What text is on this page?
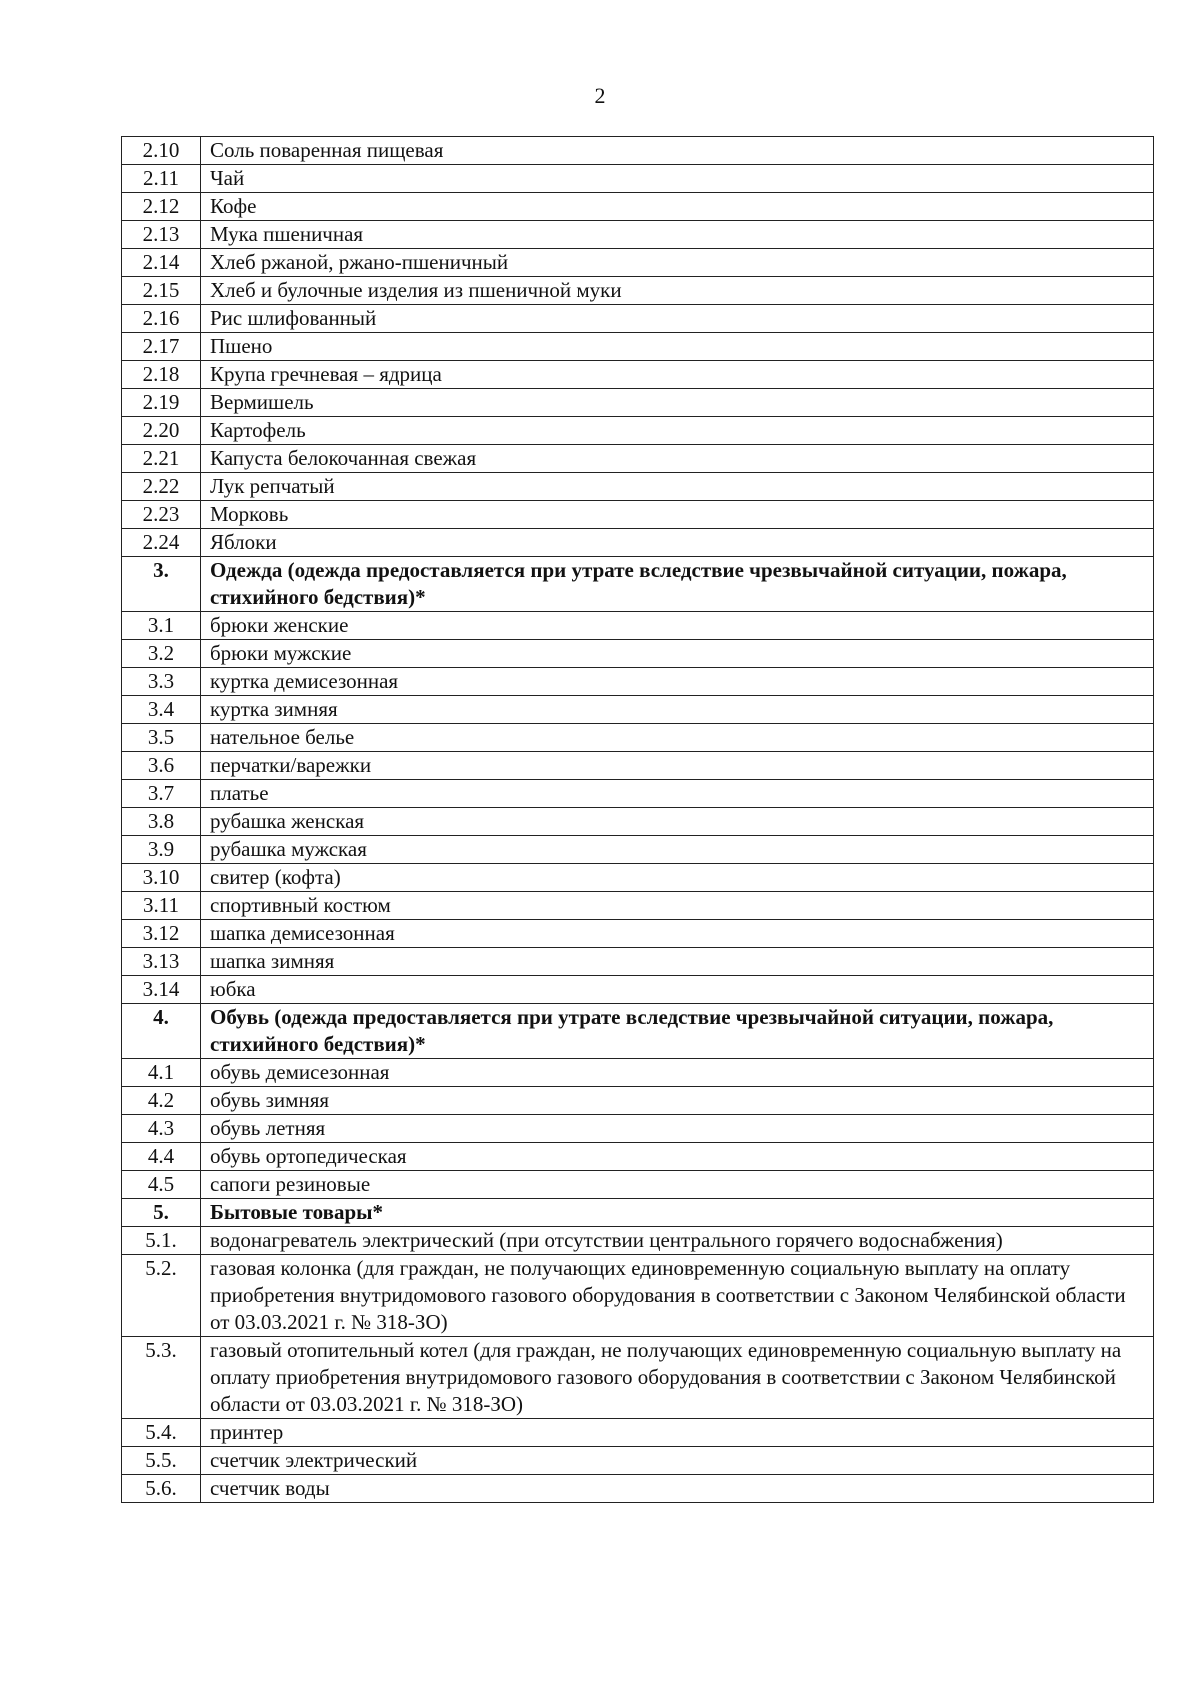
2
2.10	Соль поваренная пищевая
2.11	Чай
2.12	Кофе
2.13	Мука пшеничная
2.14	Хлеб ржаной, ржано-пшеничный
2.15	Хлеб и булочные изделия из пшеничной муки
2.16	Рис шлифованный
2.17	Пшено
2.18	Крупа гречневая – ядрица
2.19	Вермишель
2.20	Картофель
2.21	Капуста белокочанная свежая
2.22	Лук репчатый
2.23	Морковь
2.24	Яблоки
3.	Одежда (одежда предоставляется при утрате вследствие чрезвычайной ситуации, пожара, стихийного бедствия)*
3.1	брюки женские
3.2	брюки мужские
3.3	куртка демисезонная
3.4	куртка зимняя
3.5	нательное белье
3.6	перчатки/варежки
3.7	платье
3.8	рубашка женская
3.9	рубашка мужская
3.10	свитер (кофта)
3.11	спортивный костюм
3.12	шапка демисезонная
3.13	шапка зимняя
3.14	юбка
4.	Обувь (одежда предоставляется при утрате вследствие чрезвычайной ситуации, пожара, стихийного бедствия)*
4.1	обувь демисезонная
4.2	обувь зимняя
4.3	обувь летняя
4.4	обувь ортопедическая
4.5	сапоги резиновые
5.	Бытовые товары*
5.1.	водонагреватель электрический (при отсутствии центрального горячего водоснабжения)
5.2.	газовая колонка (для граждан, не получающих единовременную социальную выплату на оплату приобретения внутридомового газового оборудования в соответствии с Законом Челябинской области от 03.03.2021 г. № 318-ЗО)
5.3.	газовый отопительный котел (для граждан, не получающих единовременную социальную выплату на оплату приобретения внутридомового газового оборудования в соответствии с Законом Челябинской области от 03.03.2021 г. № 318-ЗО)
5.4.	принтер
5.5.	счетчик электрический
5.6.	счетчик воды
